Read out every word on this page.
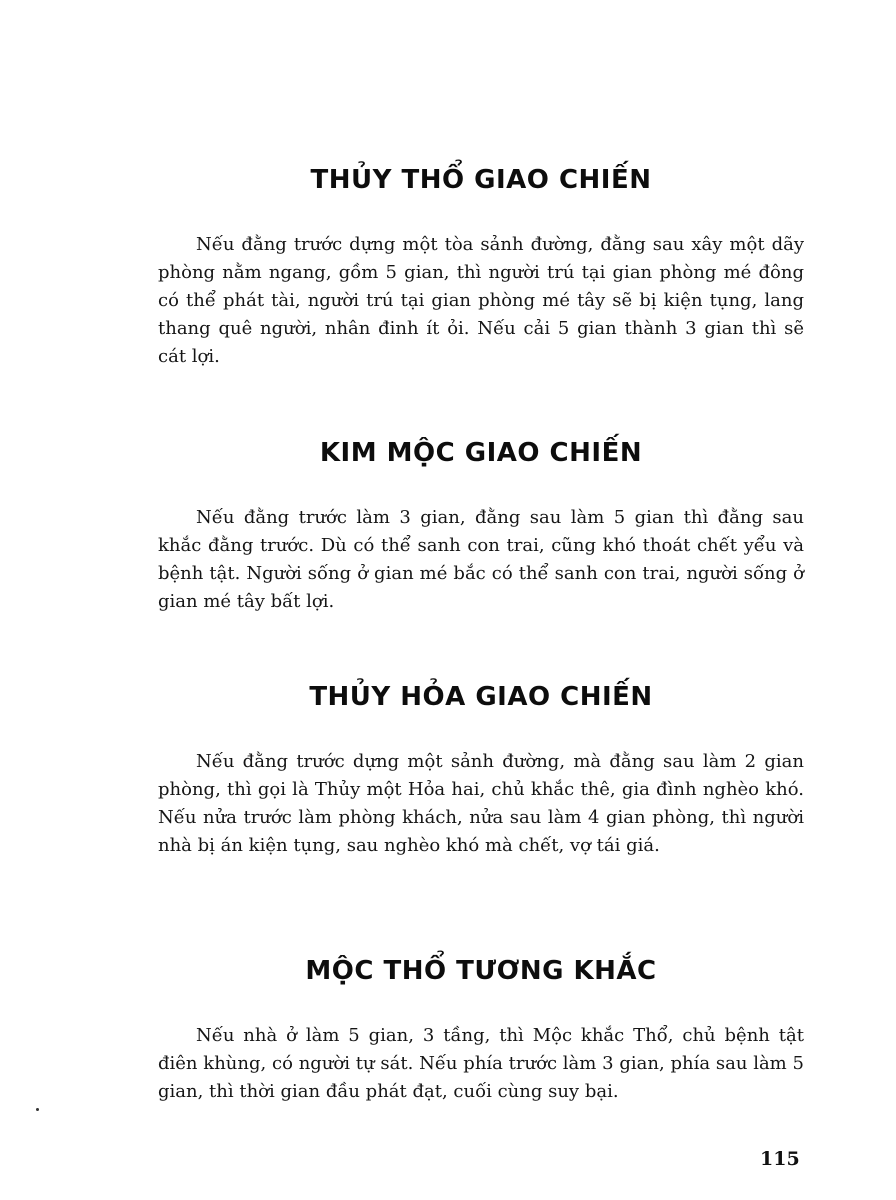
THỦY THỔ GIAO CHIẾN

Nếu đằng trước dựng một tòa sảnh đường, đằng sau xây một dãy phòng nằm ngang, gồm 5 gian, thì người trú tại gian phòng mé đông có thể phát tài, người trú tại gian phòng mé tây sẽ bị kiện tụng, lang thang quê người, nhân đinh ít ỏi. Nếu cải 5 gian thành 3 gian thì sẽ cát lợi.

KIM MỘC GIAO CHIẾN

Nếu đằng trước làm 3 gian, đằng sau làm 5 gian thì đằng sau khắc đằng trước. Dù có thể sanh con trai, cũng khó thoát chết yểu và bệnh tật. Người sống ở gian mé bắc có thể sanh con trai, người sống ở gian mé tây bất lợi.

THỦY HỎA GIAO CHIẾN

Nếu đằng trước dựng một sảnh đường, mà đằng sau làm 2 gian phòng, thì gọi là Thủy một Hỏa hai, chủ khắc thê, gia đình nghèo khó. Nếu nửa trước làm phòng khách, nửa sau làm 4 gian phòng, thì người nhà bị án kiện tụng, sau nghèo khó mà chết, vợ tái giá.

MỘC THỔ TƯƠNG KHẮC

Nếu nhà ở làm 5 gian, 3 tầng, thì Mộc khắc Thổ, chủ bệnh tật điên khùng, có người tự sát. Nếu phía trước làm 3 gian, phía sau làm 5 gian, thì thời gian đầu phát đạt, cuối cùng suy bại.

115
